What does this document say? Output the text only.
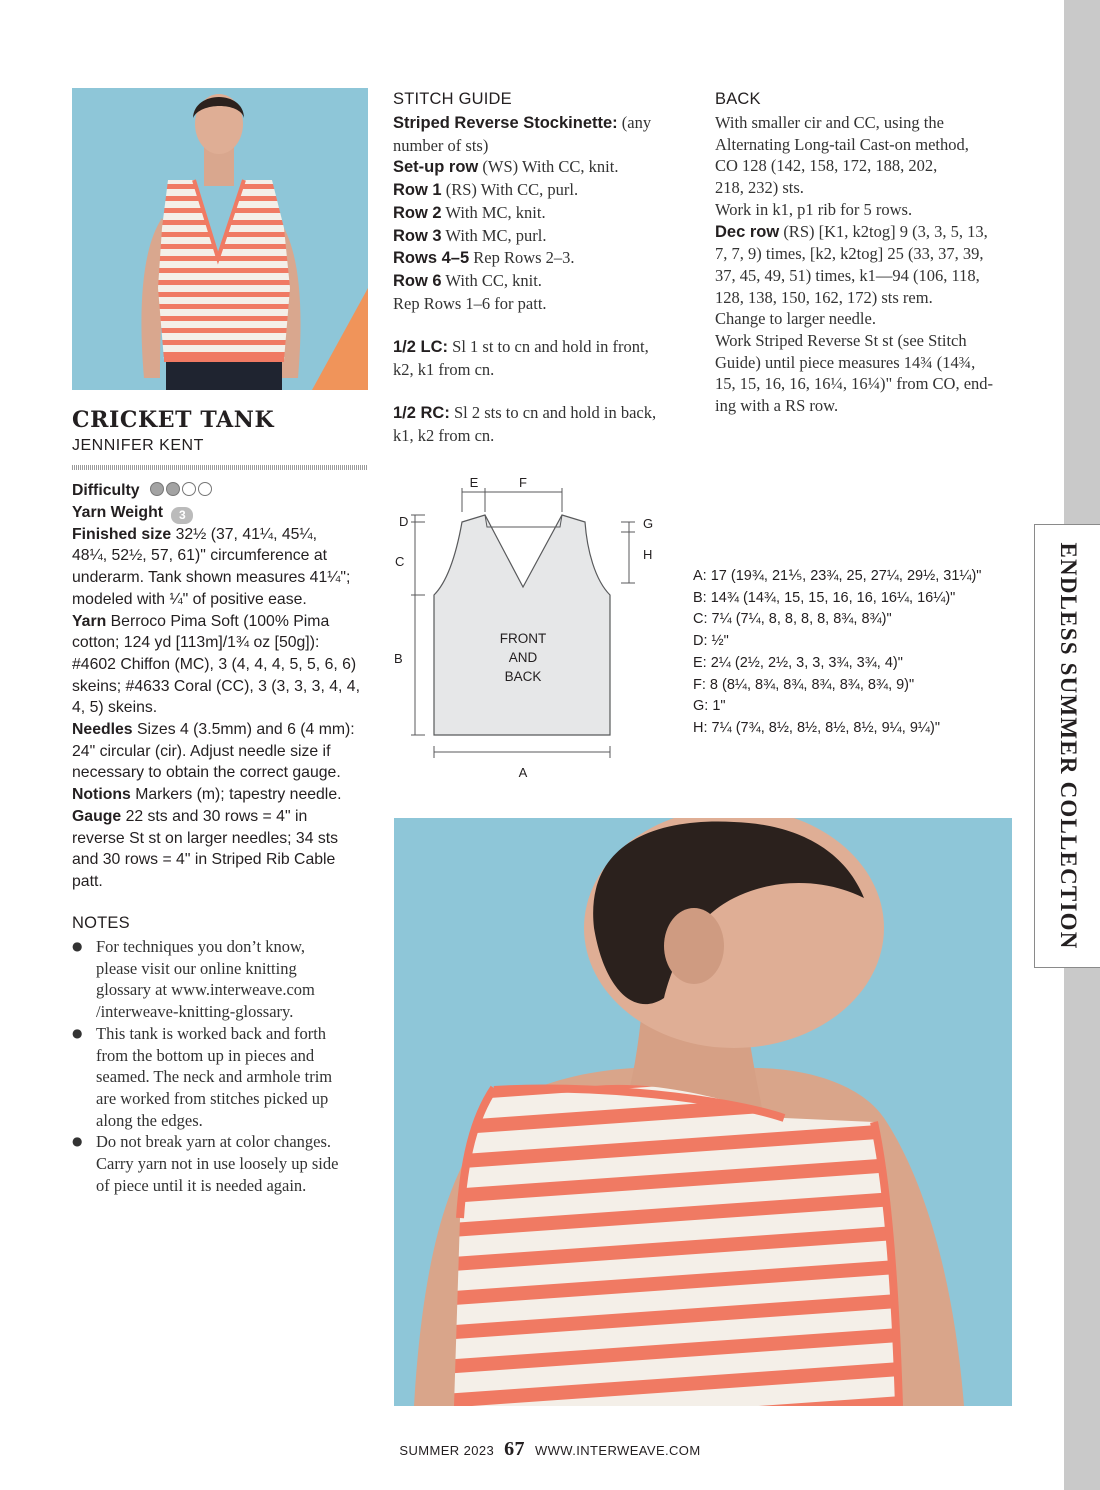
ENDLESS SUMMER COLLECTION
CRICKET TANK
JENNIFER KENT
Difficulty
Yarn Weight 3
Finished size 32½ (37, 41¼, 45¼,
48¼, 52½, 57, 61)" circumference at
underarm. Tank shown measures 41¼";
modeled with ¼" of positive ease.
Yarn Berroco Pima Soft (100% Pima
cotton; 124 yd [113m]/1¾ oz [50g]):
#4602 Chiffon (MC), 3 (4, 4, 4, 5, 5, 6, 6)
skeins; #4633 Coral (CC), 3 (3, 3, 3, 4, 4,
4, 5) skeins.
Needles Sizes 4 (3.5mm) and 6 (4 mm):
24" circular (cir). Adjust needle size if
necessary to obtain the correct gauge.
Notions Markers (m); tapestry needle.
Gauge 22 sts and 30 rows = 4" in
reverse St st on larger needles; 34 sts
and 30 rows = 4" in Striped Rib Cable
patt.
NOTES
● For techniques you don’t know,
please visit our online knitting
glossary at www.interweave.com
/interweave-knitting-glossary.
● This tank is worked back and forth
from the bottom up in pieces and
seamed. The neck and armhole trim
are worked from stitches picked up
along the edges.
● Do not break yarn at color changes.
Carry yarn not in use loosely up side
of piece until it is needed again.
STITCH GUIDE
Striped Reverse Stockinette: (any
number of sts)
Set-up row (WS) With CC, knit.
Row 1 (RS) With CC, purl.
Row 2 With MC, knit.
Row 3 With MC, purl.
Rows 4–5 Rep Rows 2–3.
Row 6 With CC, knit.
Rep Rows 1–6 for patt.
1/2 LC: Sl 1 st to cn and hold in front,
k2, k1 from cn.
1/2 RC: Sl 2 sts to cn and hold in back,
k1, k2 from cn.
BACK
With smaller cir and CC, using the
Alternating Long-tail Cast-on method,
CO 128 (142, 158, 172, 188, 202,
218, 232) sts.
Work in k1, p1 rib for 5 rows.
Dec row (RS) [K1, k2tog] 9 (3, 3, 5, 13,
7, 7, 9) times, [k2, k2tog] 25 (33, 37, 39,
37, 45, 49, 51) times, k1—94 (106, 118,
128, 138, 150, 162, 172) sts rem.
Change to larger needle.
Work Striped Reverse St st (see Stitch
Guide) until piece measures 14¾ (14¾,
15, 15, 16, 16, 16¼, 16¼)" from CO, end-
ing with a RS row.
E	F
D
C
B
G
H
A
FRONT
AND
BACK
A: 17 (19¾, 21⅕, 23¾, 25, 27¼, 29½, 31¼)"
B: 14¾ (14¾, 15, 15, 16, 16, 16¼, 16¼)"
C: 7¼ (7¼, 8, 8, 8, 8, 8¾, 8¾)"
D: ½"
E: 2¼ (2½, 2½, 3, 3, 3¾, 3¾, 4)"
F: 8 (8¼, 8¾, 8¾, 8¾, 8¾, 8¾, 9)"
G: 1"
H: 7¼ (7¾, 8½, 8½, 8½, 8½, 9¼, 9¼)"
SUMMER 2023 67 WWW.INTERWEAVE.COM
